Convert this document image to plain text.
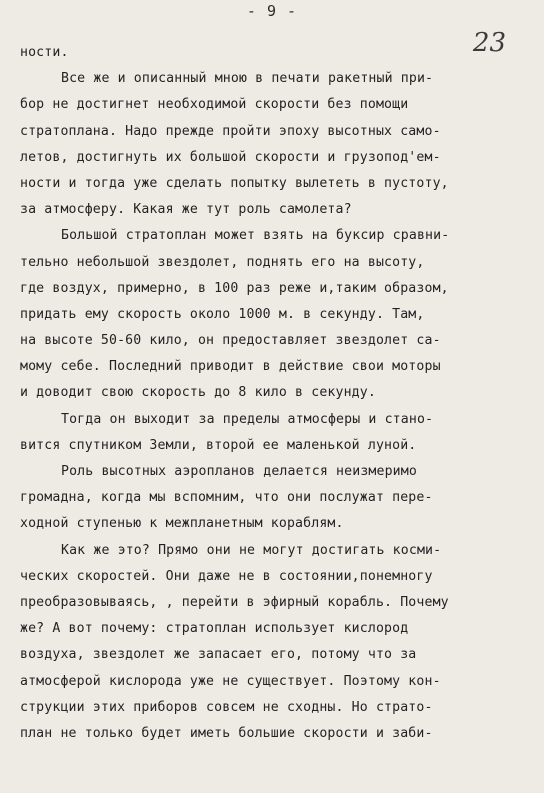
- 9 -
23
ности.
Все же и описанный мною в печати ракетный при-
бор не достигнет необходимой скорости без помощи
стратоплана. Надо прежде пройти эпоху высотных само-
летов, достигнуть их большой скорости и грузопод'ем-
ности и тогда уже сделать попытку вылететь в пустоту,
за атмосферу. Какая же тут роль самолета?
Большой стратоплан может взять на буксир сравни-
тельно небольшой звездолет, поднять его на высоту,
где воздух, примерно, в 100 раз реже и,таким образом,
придать ему скорость около 1000 м. в секунду. Там,
на высоте 50-60 кило, он предоставляет звездолет са-
мому себе. Последний приводит в действие свои моторы
и доводит свою скорость до 8 кило в секунду.
Тогда он выходит за пределы атмосферы и стано-
вится спутником Земли, второй ее маленькой луной.
Роль высотных аэропланов делается неизмеримо
громадна, когда мы вспомним, что они послужат пере-
ходной ступенью к межпланетным кораблям.
Как же это? Прямо они не могут достигать косми-
ческих скоростей. Они даже не в состоянии,понемногу
преобразовываясь, , перейти в эфирный корабль. Почему
же? А вот почему: стратоплан использует кислород
воздуха, звездолет же запасает его, потому что за
атмосферой кислорода уже не существует. Поэтому кон-
струкции этих приборов совсем не сходны. Но страто-
план не только будет иметь большие скорости и заби-
